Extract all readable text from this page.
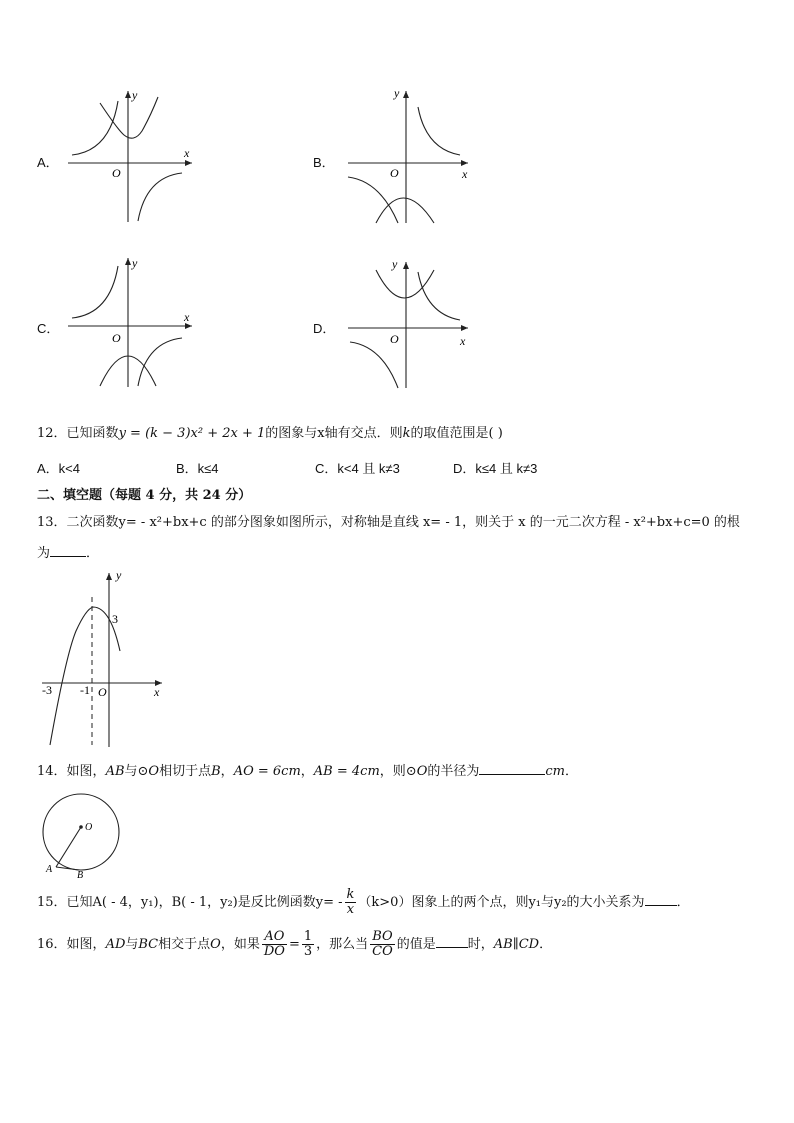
A．
x
y
O
B．
x
y
O
C．
x
y
O
D．
x
y
O
12．已知函数y = (k − 3)x² + 2x + 1的图象与x轴有交点．则k的取值范围是( )
A．k<4	B．k≤4	C．k<4 且 k≠3	D．k≤4 且 k≠3
二、填空题（每题 4 分，共 24 分）
13．二次函数y= - x²+bx+c 的部分图象如图所示，对称轴是直线 x= - 1，则关于 x 的一元二次方程 - x²+bx+c=0 的根
为	．
x
y
O
-3 -1
3
14．如图，AB与⊙O相切于点B，AO = 6cm，AB = 4cm，则⊙O的半径为	cm．
O
A
B
15．已知A( - 4，y₁)，B( - 1，y₂)是反比例函数$y= - \frac{k}{x} (k>0)$图象上的两个点，则y₁与y₂的大小关系为 ．
16．如图，AD与BC相交于点O，如果 $\frac{AO}{DO} = \frac{1}{3}$ ，那么当 $\frac{BO}{CO}$ 的值是 时，AB∥CD．
